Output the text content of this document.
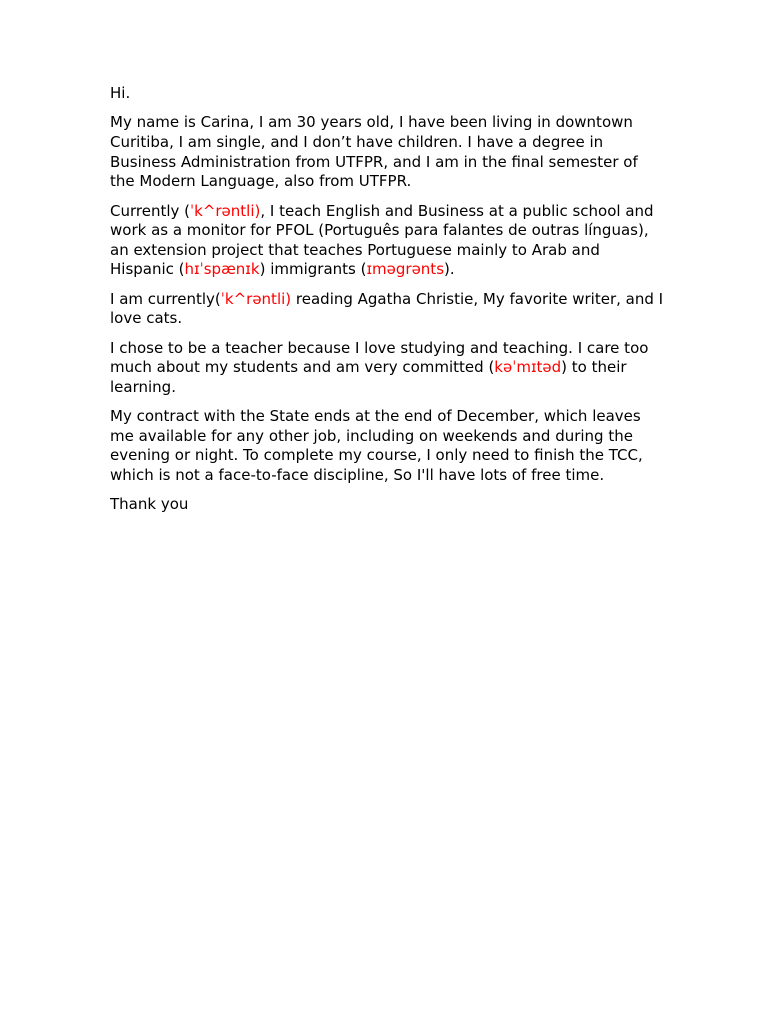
Hi.

My name is Carina, I am 30 years old, I have been living in downtown Curitiba, I am single, and I don’t have children. I have a degree in Business Administration from UTFPR, and I am in the final semester of the Modern Language, also from UTFPR.

Currently (ˈk^rəntli), I teach English and Business at a public school and work as a monitor for PFOL (Português para falantes de outras línguas), an extension project that teaches Portuguese mainly to Arab and Hispanic (hɪˈspænɪk) immigrants (ɪməgrənts).

I am currently(ˈk^rəntli) reading Agatha Christie, My favorite writer, and I love cats.

I chose to be a teacher because I love studying and teaching. I care too much about my students and am very committed (kəˈmɪtəd) to their learning.

My contract with the State ends at the end of December, which leaves me available for any other job, including on weekends and during the evening or night. To complete my course, I only need to finish the TCC, which is not a face-to-face discipline, So I'll have lots of free time.

Thank you
